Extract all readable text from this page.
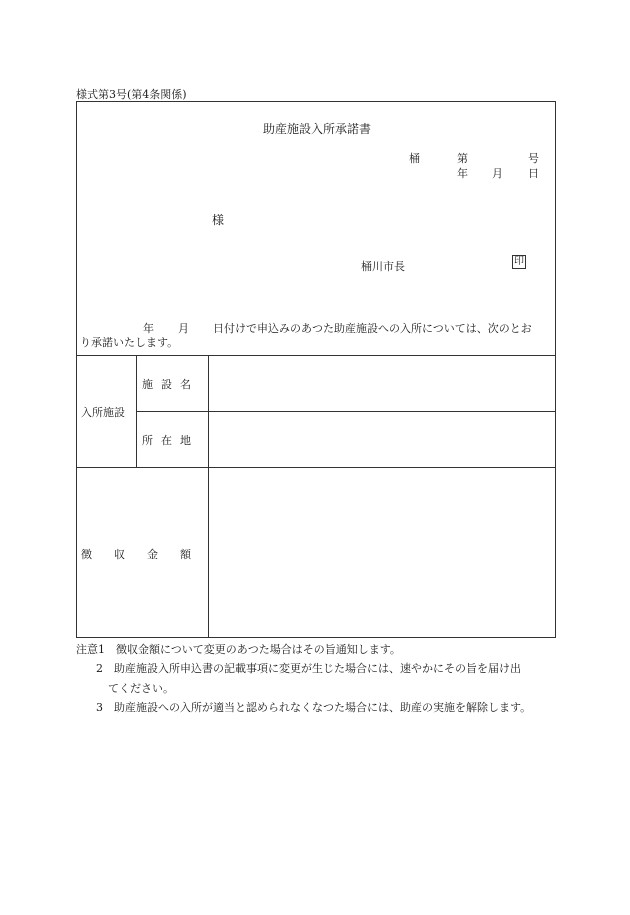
様式第3号(第4条関係)
助産施設入所承諾書
桶	第	号
年 月 日
様
桶川市長	印
年 月 日付けで申込みのあつた助産施設への入所については、次のとお
り承諾いたします。
入所施設
施設名
所在地
徴収金額
注意1　徴収金額について変更のあつた場合はその旨通知します。
2　助産施設入所申込書の記載事項に変更が生じた場合には、速やかにその旨を届け出
てください。
3　助産施設への入所が適当と認められなくなつた場合には、助産の実施を解除します。
